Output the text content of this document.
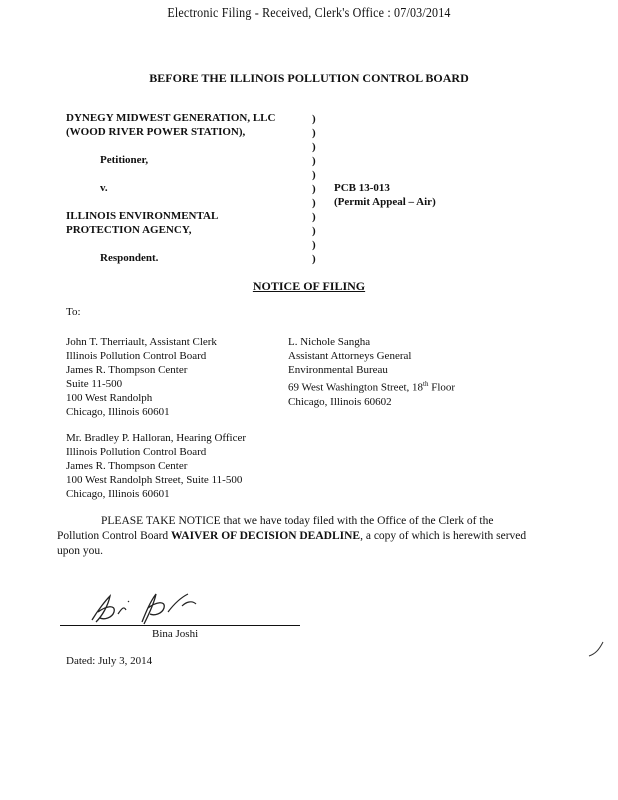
Electronic Filing - Received, Clerk's Office : 07/03/2014
BEFORE THE ILLINOIS POLLUTION CONTROL BOARD
DYNEGY MIDWEST GENERATION, LLC
(WOOD RIVER POWER STATION),
Petitioner,
v.
ILLINOIS ENVIRONMENTAL
PROTECTION AGENCY,
Respondent.
)
)
)
)
)
)
)
)
)
)
)
PCB 13-013
(Permit Appeal – Air)
NOTICE OF FILING
To:
John T. Therriault, Assistant Clerk
Illinois Pollution Control Board
James R. Thompson Center
Suite 11-500
100 West Randolph
Chicago, Illinois 60601
L. Nichole Sangha
Assistant Attorneys General
Environmental Bureau
69 West Washington Street, 18th Floor
Chicago, Illinois 60602
Mr. Bradley P. Halloran, Hearing Officer
Illinois Pollution Control Board
James R. Thompson Center
100 West Randolph Street, Suite 11-500
Chicago, Illinois 60601
PLEASE TAKE NOTICE that we have today filed with the Office of the Clerk of the Pollution Control Board WAIVER OF DECISION DEADLINE, a copy of which is herewith served upon you.
Bina Joshi
Dated: July 3, 2014
